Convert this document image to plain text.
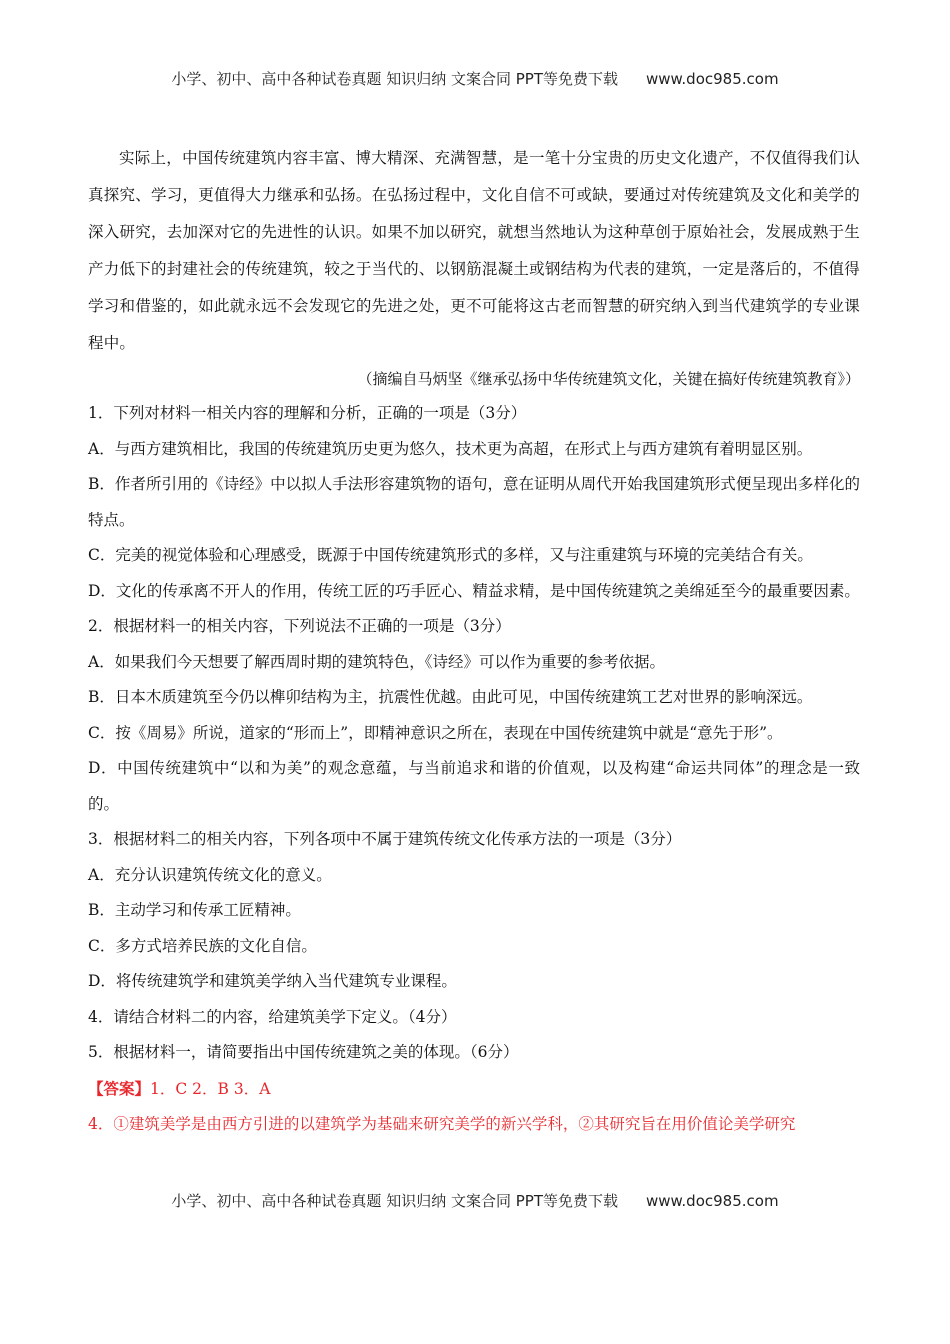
小学、初中、高中各种试卷真题 知识归纳 文案合同 PPT等免费下载 www.doc985.com

实际上，中国传统建筑内容丰富、博大精深、充满智慧，是一笔十分宝贵的历史文化遗产，不仅值得我们认真探究、学习，更值得大力继承和弘扬。在弘扬过程中，文化自信不可或缺，要通过对传统建筑及文化和美学的深入研究，去加深对它的先进性的认识。如果不加以研究，就想当然地认为这种草创于原始社会，发展成熟于生产力低下的封建社会的传统建筑，较之于当代的、以钢筋混凝土或钢结构为代表的建筑，一定是落后的，不值得学习和借鉴的，如此就永远不会发现它的先进之处，更不可能将这古老而智慧的研究纳入到当代建筑学的专业课程中。

（摘编自马炳坚《继承弘扬中华传统建筑文化，关键在搞好传统建筑教育》）

1．下列对材料一相关内容的理解和分析，正确的一项是（3分）

A．与西方建筑相比，我国的传统建筑历史更为悠久，技术更为高超，在形式上与西方建筑有着明显区别。

B．作者所引用的《诗经》中以拟人手法形容建筑物的语句，意在证明从周代开始我国建筑形式便呈现出多样化的特点。

C．完美的视觉体验和心理感受，既源于中国传统建筑形式的多样，又与注重建筑与环境的完美结合有关。

D．文化的传承离不开人的作用，传统工匠的巧手匠心、精益求精，是中国传统建筑之美绵延至今的最重要因素。

2．根据材料一的相关内容，下列说法不正确的一项是（3分）

A．如果我们今天想要了解西周时期的建筑特色，《诗经》可以作为重要的参考依据。

B．日本木质建筑至今仍以榫卯结构为主，抗震性优越。由此可见，中国传统建筑工艺对世界的影响深远。

C．按《周易》所说，道家的“形而上”，即精神意识之所在，表现在中国传统建筑中就是“意先于形”。

D．中国传统建筑中“以和为美”的观念意蕴，与当前追求和谐的价值观，以及构建“命运共同体”的理念是一致的。

3．根据材料二的相关内容，下列各项中不属于建筑传统文化传承方法的一项是（3分）

A．充分认识建筑传统文化的意义。

B．主动学习和传承工匠精神。

C．多方式培养民族的文化自信。

D．将传统建筑学和建筑美学纳入当代建筑专业课程。

4．请结合材料二的内容，给建筑美学下定义。（4分）

5．根据材料一，请简要指出中国传统建筑之美的体现。（6分）

【答案】1．C 2．B 3．A

4．①建筑美学是由西方引进的以建筑学为基础来研究美学的新兴学科，②其研究旨在用价值论美学研究

小学、初中、高中各种试卷真题 知识归纳 文案合同 PPT等免费下载 www.doc985.com
